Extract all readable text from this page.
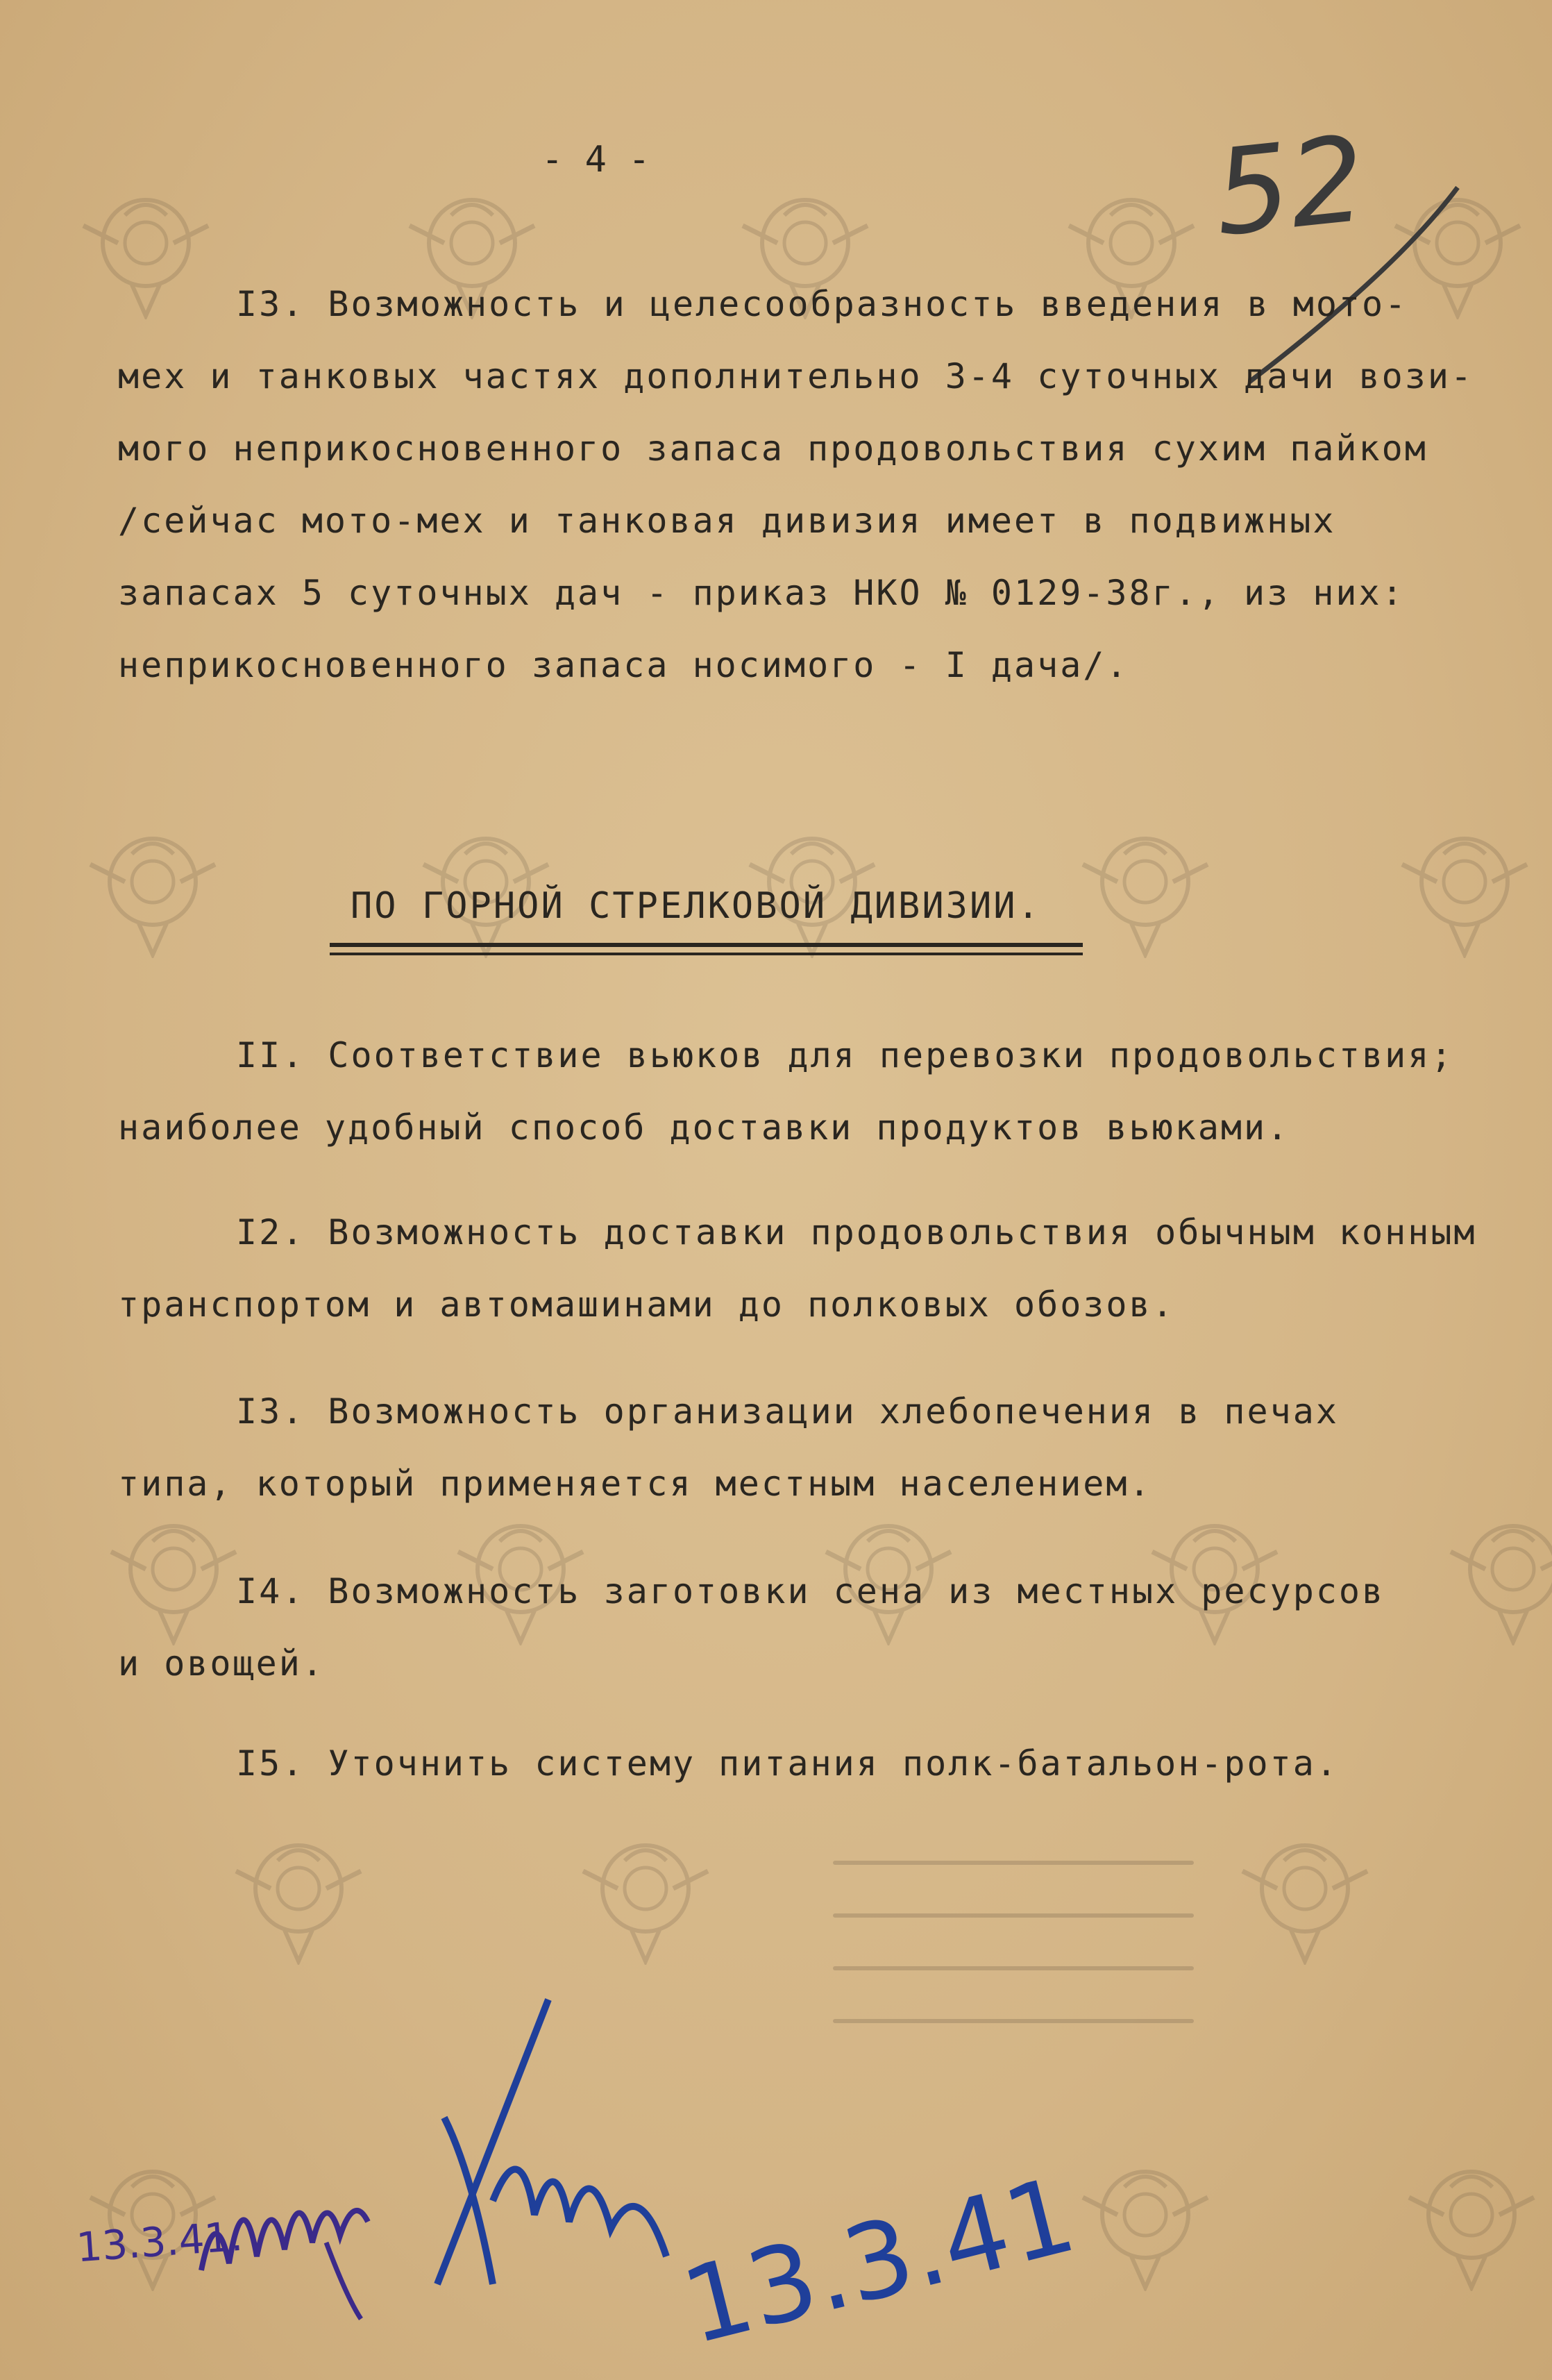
- 4 -	52
I3. Возможность и целесообразность введения в мото-
мех и танковых частях дополнительно 3-4 суточных дачи вози-
мого неприкосновенного запаса продовольствия сухим пайком
/сейчас мото-мех и танковая дивизия имеет в подвижных
запасах 5 суточных дач - приказ НКО № 0129-38г., из них:
неприкосновенного запаса носимого - I дача/.
ПО ГОРНОЙ СТРЕЛКОВОЙ ДИВИЗИИ.
II. Соответствие вьюков для перевозки продовольствия;
наиболее удобный способ доставки продуктов вьюками.
I2. Возможность доставки продовольствия обычным конным
транспортом и автомашинами до полковых обозов.
I3. Возможность организации хлебопечения в печах
типа, который применяется местным населением.
I4. Возможность заготовки сена из местных ресурсов
и овощей.
I5. Уточнить систему питания полк-батальон-рота.
13.3.41.	13.3.41
